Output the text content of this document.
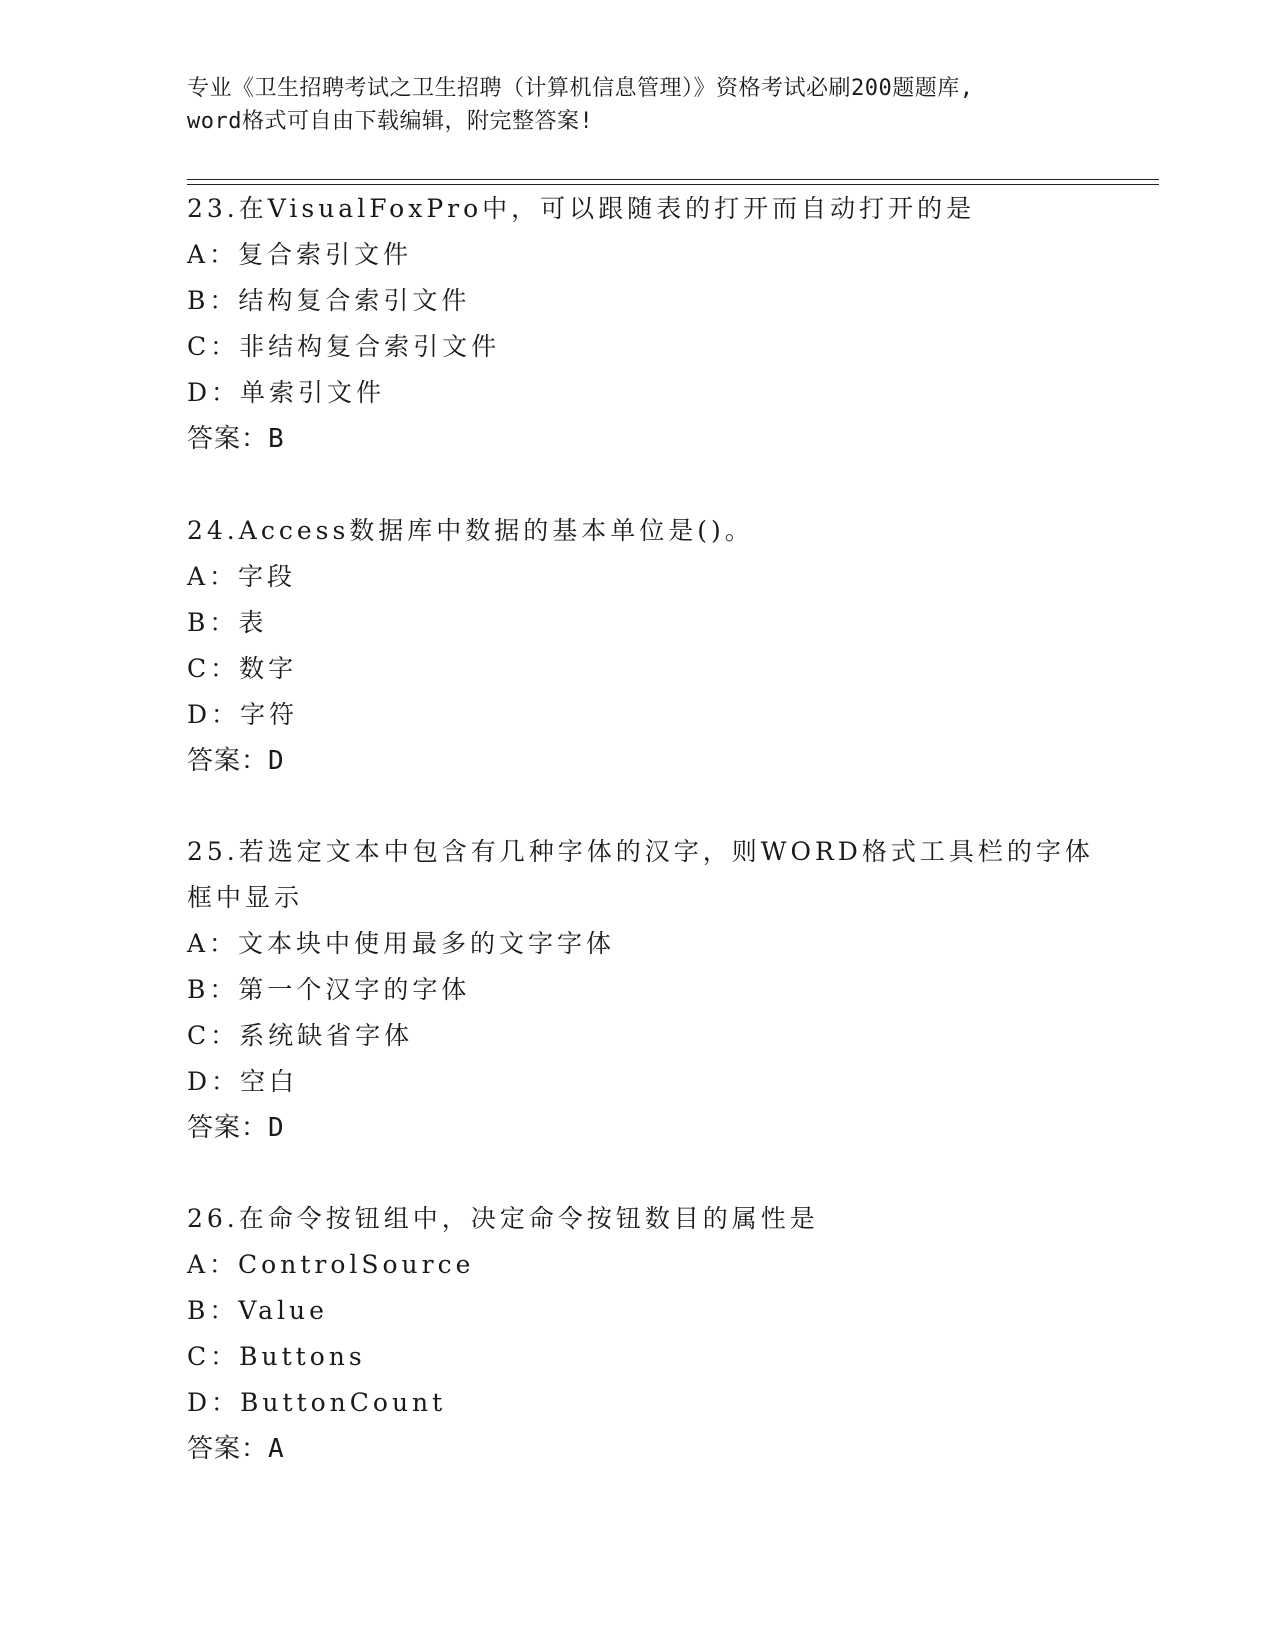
专业《卫生招聘考试之卫生招聘（计算机信息管理）》资格考试必刷200题题库,
word格式可自由下载编辑，附完整答案!
23.在VisualFoxPro中，可以跟随表的打开而自动打开的是
A：复合索引文件
B：结构复合索引文件
C：非结构复合索引文件
D：单索引文件
答案：B
24.Access数据库中数据的基本单位是()。
A：字段
B：表
C：数字
D：字符
答案：D
25.若选定文本中包含有几种字体的汉字，则WORD格式工具栏的字体
框中显示
A：文本块中使用最多的文字字体
B：第一个汉字的字体
C：系统缺省字体
D：空白
答案：D
26.在命令按钮组中，决定命令按钮数目的属性是
A：ControlSource
B：Value
C：Buttons
D：ButtonCount
答案：A
